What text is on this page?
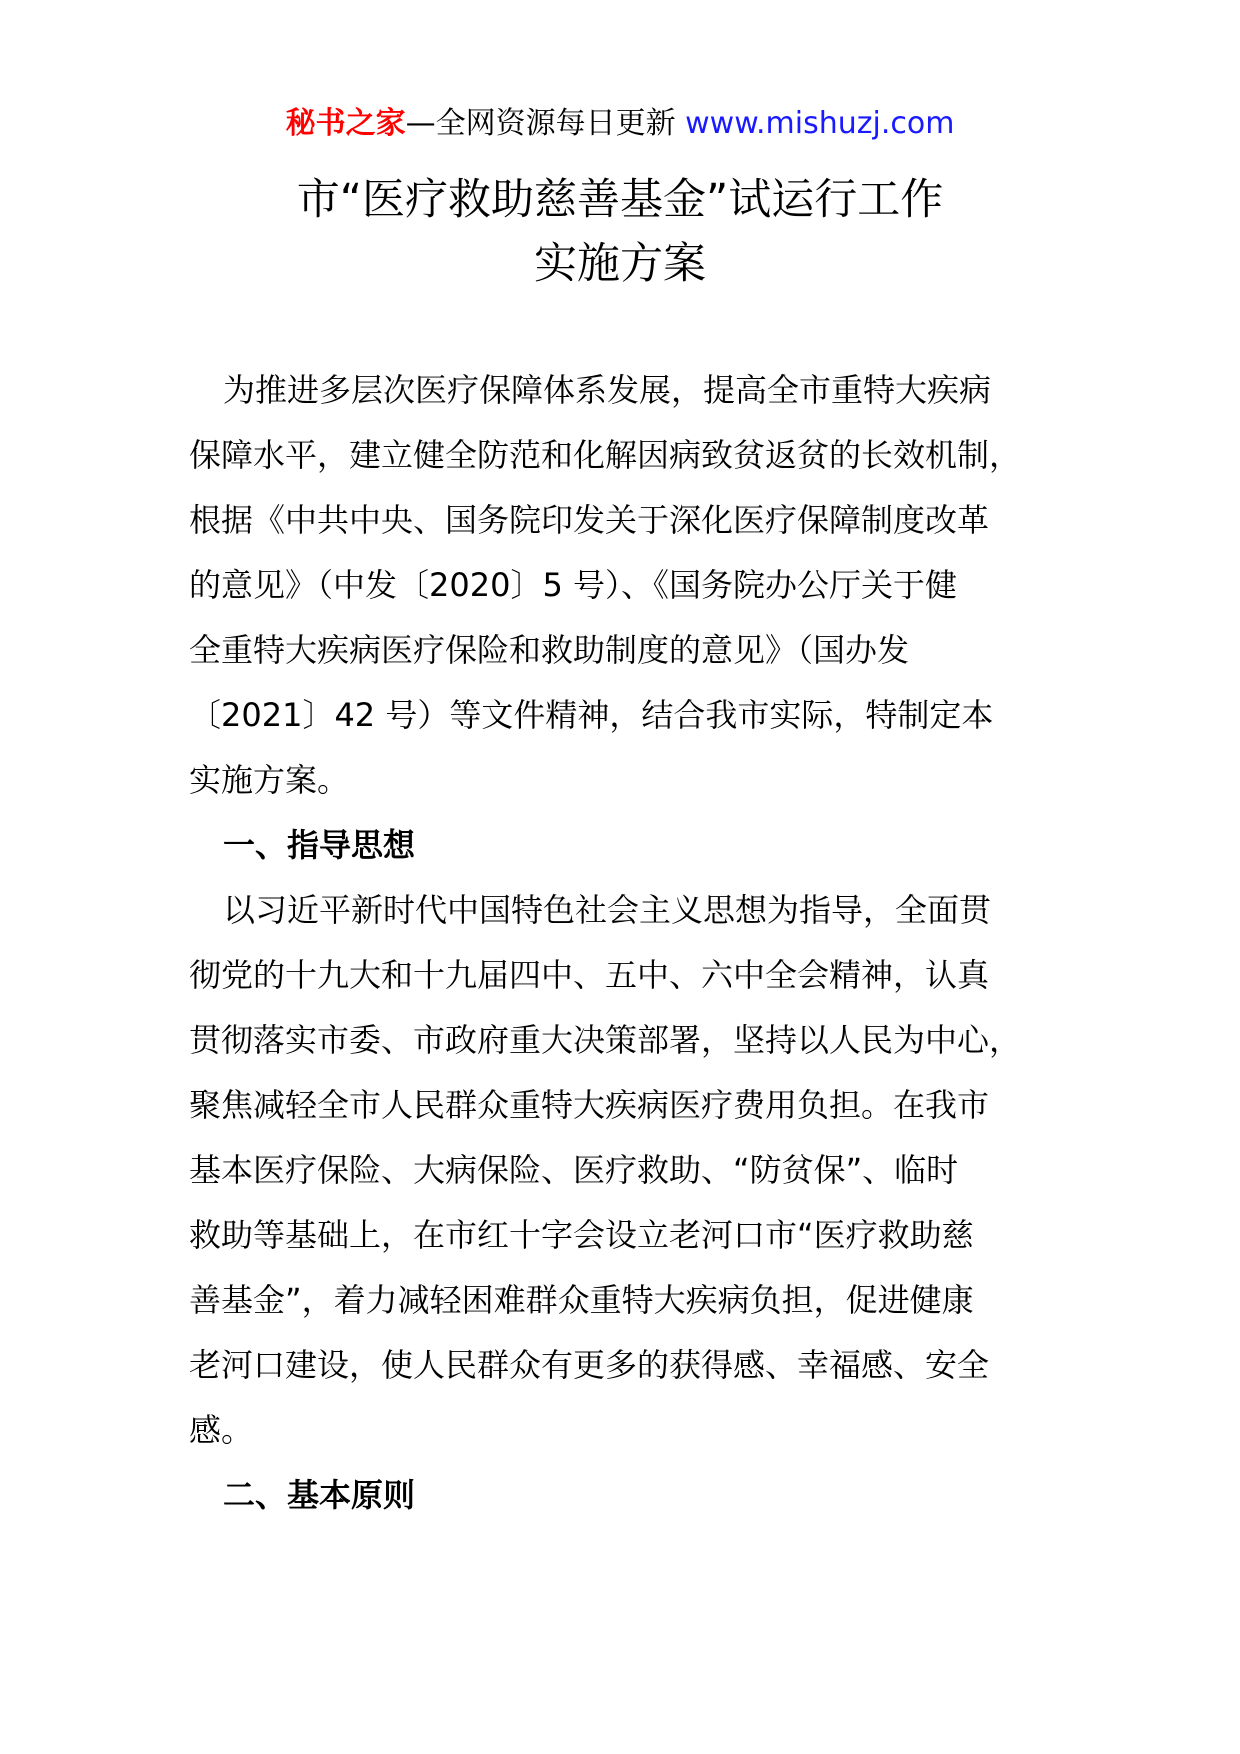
秘书之家—全网资源每日更新 www.mishuzj.com
市“医疗救助慈善基金”试运行工作
实施方案
为推进多层次医疗保障体系发展，提高全市重特大疾病
保障水平，建立健全防范和化解因病致贫返贫的长效机制，
根据《中共中央、国务院印发关于深化医疗保障制度改革
的意见》（中发〔2020〕5 号）、《国务院办公厅关于健
全重特大疾病医疗保险和救助制度的意见》（国办发
〔2021〕42 号）等文件精神，结合我市实际，特制定本
实施方案。
一、指导思想
以习近平新时代中国特色社会主义思想为指导，全面贯
彻党的十九大和十九届四中、五中、六中全会精神，认真
贯彻落实市委、市政府重大决策部署，坚持以人民为中心，
聚焦减轻全市人民群众重特大疾病医疗费用负担。在我市
基本医疗保险、大病保险、医疗救助、“防贫保”、临时
救助等基础上，在市红十字会设立老河口市“医疗救助慈
善基金”，着力减轻困难群众重特大疾病负担，促进健康
老河口建设，使人民群众有更多的获得感、幸福感、安全
感。
二、基本原则
